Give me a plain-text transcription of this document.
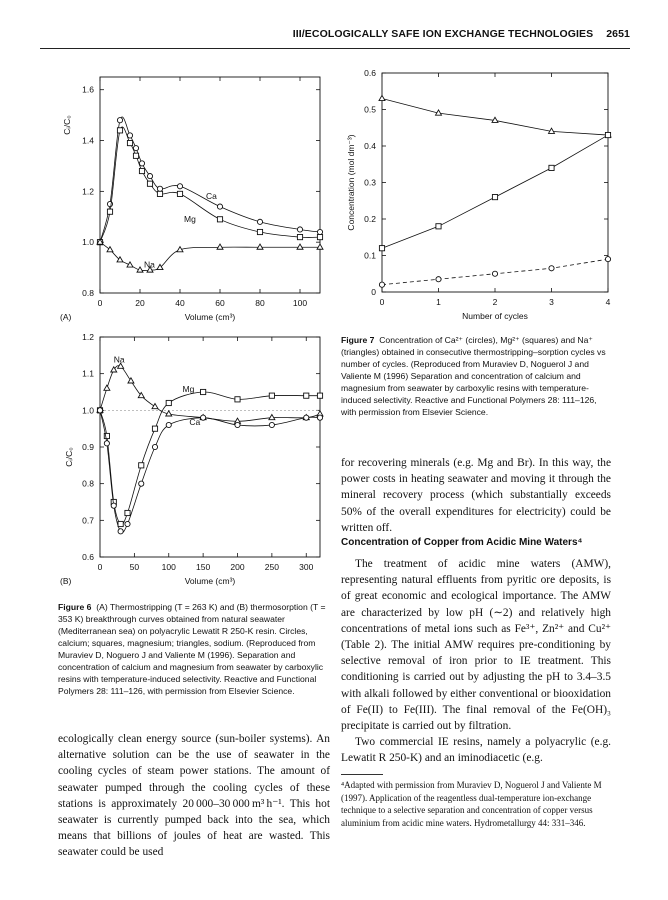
III/ECOLOGICALLY SAFE ION EXCHANGE TECHNOLOGIES 2651
0	20	40	60	80	100
0.8
1.0
1.2
1.4
1.6
Volume (cm³)
Cᵢ/C₀
(A)
Ca
Mg
Na
0	50	100 150 200 250 300
0.6
0.7
0.8
0.9
1.0
1.1
1.2
Volume (cm³)
Cᵢ/C₀
(B)
Na
Mg
Ca
0	1	2	3	4
0
0.1
0.2
0.3
0.4
0.5
0.6
Number of cycles
Concentration (mol dm⁻³)
Figure 6 (A) Thermostripping (T = 263 K) and (B) thermosorption (T = 353 K) breakthrough curves obtained from natural seawater (Mediterranean sea) on polyacrylic Lewatit R 250-K resin. Circles, calcium; squares, magnesium; triangles, sodium. (Reproduced from Muraviev D, Noguero J and Valiente M (1996). Separation and concentration of calcium and magnesium from seawater by carboxylic resins with temperature-induced selectivity. Reactive and Functional Polymers 28: 111–126, with permission from Elsevier Science.
Figure 7 Concentration of Ca²⁺ (circles), Mg²⁺ (squares) and Na⁺ (triangles) obtained in consecutive thermostripping–sorption cycles vs number of cycles. (Reproduced from Muraviev D, Noguerol J and Valiente M (1996) Separation and concentration of calcium and magnesium from seawater by carboxylic resins with temperature-induced selectivity. Reactive and Functional Polymers 28: 111–126, with permission from Elsevier Science.

ecologically clean energy source (sun-boiler systems). An alternative solution can be the use of seawater in the cooling cycles of steam power stations. The amount of seawater pumped through the cooling cycles of these stations is approximately 20 000–30 000 m³ h⁻¹. This hot seawater is currently pumped back into the sea, which means that billions of joules of heat are wasted. This seawater could be used

for recovering minerals (e.g. Mg and Br). In this way, the power costs in heating seawater and moving it through the mineral recovery process (which substantially exceeds 50% of the overall expenditures for electricity) could be written off.

Concentration of Copper from Acidic Mine Waters⁴

The treatment of acidic mine waters (AMW), representing natural effluents from pyritic ore deposits, is of great economic and ecological importance. The AMW are characterized by low pH (∼2) and relatively high concentrations of metal ions such as Fe³⁺, Zn²⁺ and Cu²⁺ (Table 2). The initial AMW requires pre-conditioning by selective removal of iron prior to IE treatment. This conditioning is carried out by adjusting the pH to 3.4–3.5 with alkali followed by either conventional or biooxidation of Fe(II) to Fe(III). The final removal of the Fe(OH)₃ precipitate is carried out by filtration.

Two commercial IE resins, namely a polyacrylic (e.g. Lewatit R 250-K) and an iminodiacetic (e.g.

⁴Adapted with permission from Muraviev D, Noguerol J and Valiente M (1997). Application of the reagentless dual-temperature ion-exchange technique to a selective separation and concentration of copper versus aluminium from acidic mine waters. Hydrometallurgy 44: 331–346.
